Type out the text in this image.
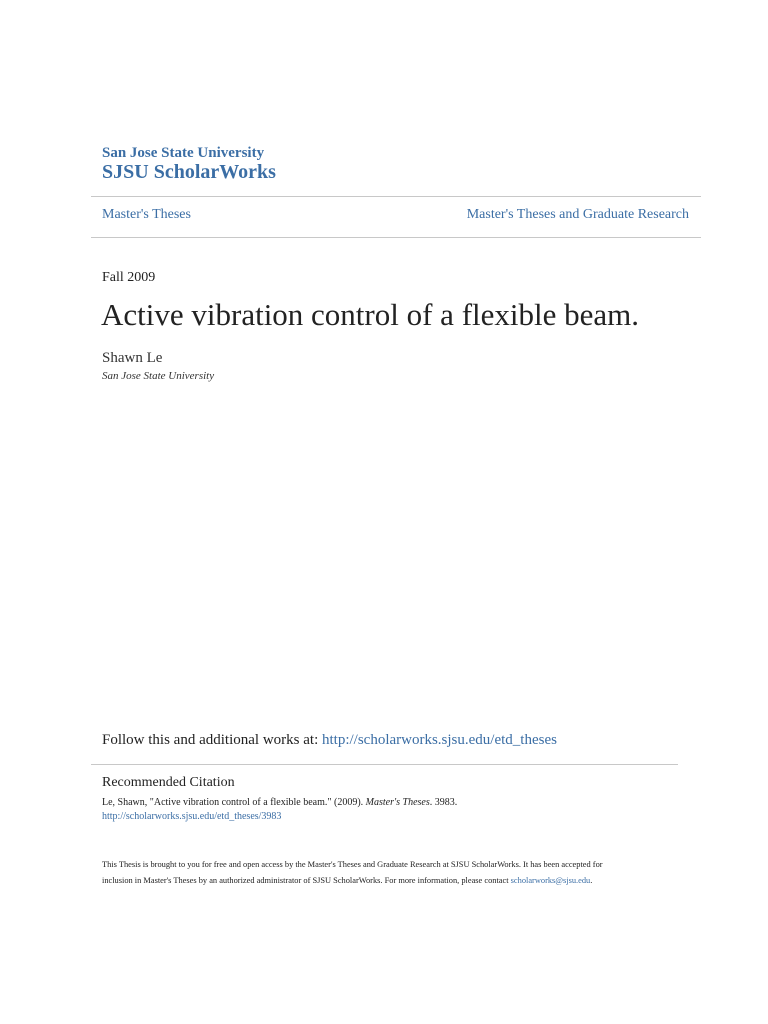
San Jose State University
SJSU ScholarWorks
Master's Theses	Master's Theses and Graduate Research
Fall 2009
Active vibration control of a flexible beam.
Shawn Le
San Jose State University
Follow this and additional works at: http://scholarworks.sjsu.edu/etd_theses
Recommended Citation
Le, Shawn, "Active vibration control of a flexible beam." (2009). Master's Theses. 3983.
http://scholarworks.sjsu.edu/etd_theses/3983
This Thesis is brought to you for free and open access by the Master's Theses and Graduate Research at SJSU ScholarWorks. It has been accepted for
inclusion in Master's Theses by an authorized administrator of SJSU ScholarWorks. For more information, please contact scholarworks@sjsu.edu.
